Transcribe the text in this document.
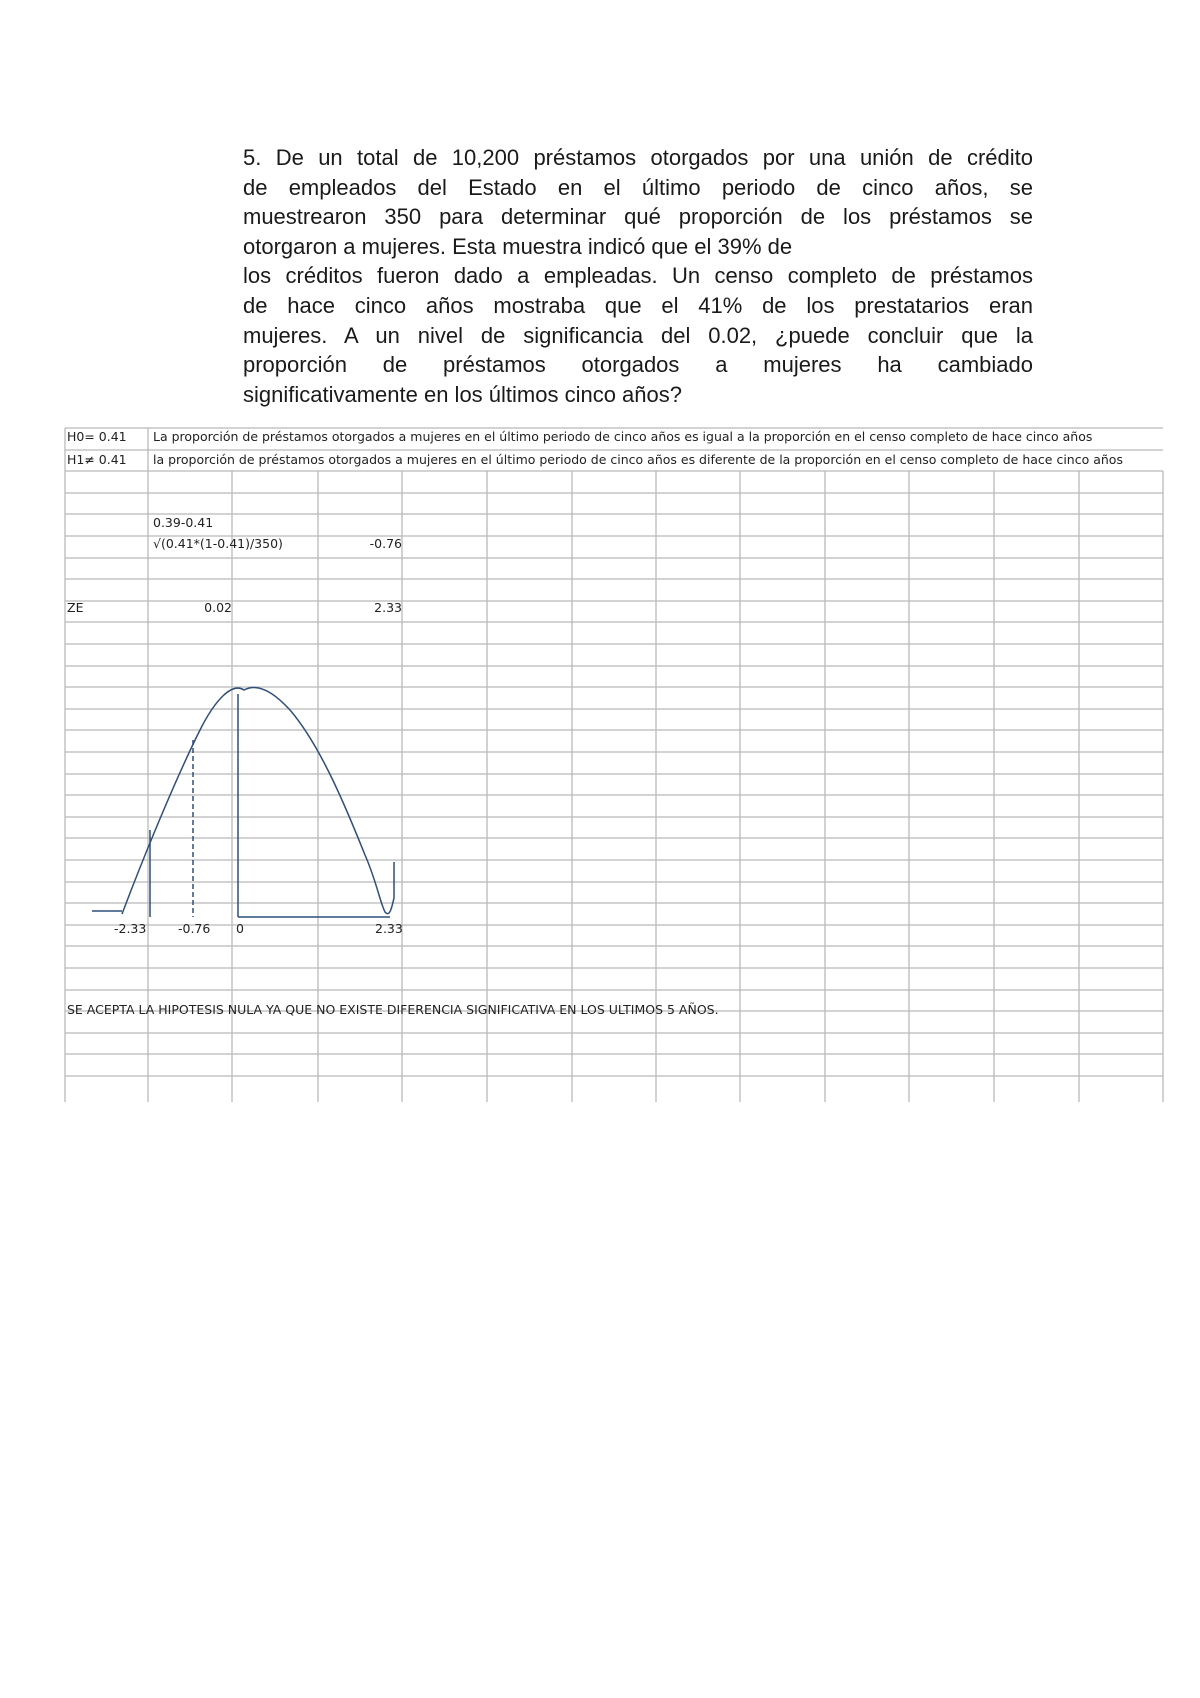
5. De un total de 10,200 préstamos otorgados por una unión de crédito
de empleados del Estado en el último periodo de cinco años, se
muestrearon 350 para determinar qué proporción de los préstamos se
otorgaron a mujeres. Esta muestra indicó que el 39% de
los créditos fueron dado a empleadas. Un censo completo de préstamos
de hace cinco años mostraba que el 41% de los prestatarios eran
mujeres. A un nivel de significancia del 0.02, ¿puede concluir que la
proporción de préstamos otorgados a mujeres ha cambiado
significativamente en los últimos cinco años?
H0= 0.41 La proporción de préstamos otorgados a mujeres en el último periodo de cinco años es igual a la proporción en el censo completo de hace cinco años
H1≠ 0.41 la proporción de préstamos otorgados a mujeres en el último periodo de cinco años es diferente de la proporción en el censo completo de hace cinco años
0.39-0.41
√(0.41*(1-0.41)/350)	-0.76
ZE	0.02	2.33
-2.33	-0.76 0	2.33
SE ACEPTA LA HIPOTESIS NULA YA QUE NO EXISTE DIFERENCIA SIGNIFICATIVA EN LOS ULTIMOS 5 AÑOS.
